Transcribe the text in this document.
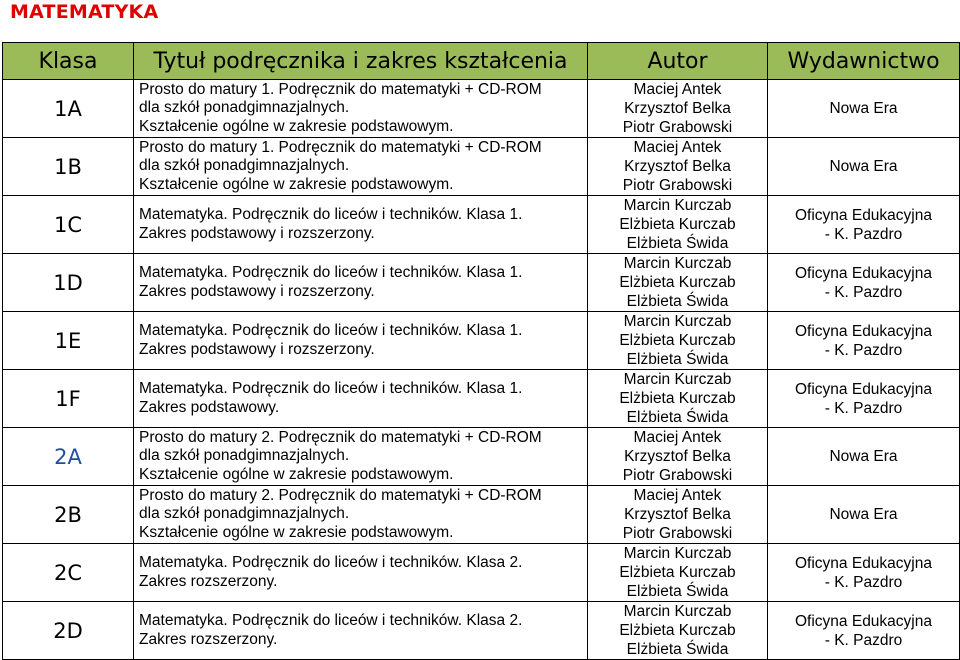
MATEMATYKA
Klasa	Tytuł podręcznika i zakres kształcenia	Autor	Wydawnictwo
1A	Prosto do matury 1. Podręcznik do matematyki + CD-ROM
dla szkół ponadgimnazjalnych.
Kształcenie ogólne w zakresie podstawowym.	Maciej Antek
Krzysztof Belka
Piotr Grabowski	Nowa Era

1B	Prosto do matury 1. Podręcznik do matematyki + CD-ROM
dla szkół ponadgimnazjalnych.
Kształcenie ogólne w zakresie podstawowym.	Maciej Antek
Krzysztof Belka
Piotr Grabowski	Nowa Era

1C	Matematyka. Podręcznik do liceów i techników. Klasa 1.
Zakres podstawowy i rozszerzony.	Marcin Kurczab
Elżbieta Kurczab
Elżbieta Świda	Oficyna Edukacyjna
- K. Pazdro

1D	Matematyka. Podręcznik do liceów i techników. Klasa 1.
Zakres podstawowy i rozszerzony.	Marcin Kurczab
Elżbieta Kurczab
Elżbieta Świda	Oficyna Edukacyjna
- K. Pazdro

1E	Matematyka. Podręcznik do liceów i techników. Klasa 1.
Zakres podstawowy i rozszerzony.	Marcin Kurczab
Elżbieta Kurczab
Elżbieta Świda	Oficyna Edukacyjna
- K. Pazdro

1F	Matematyka. Podręcznik do liceów i techników. Klasa 1.
Zakres podstawowy.	Marcin Kurczab
Elżbieta Kurczab
Elżbieta Świda	Oficyna Edukacyjna
- K. Pazdro

2A	Prosto do matury 2. Podręcznik do matematyki + CD-ROM
dla szkół ponadgimnazjalnych.
Kształcenie ogólne w zakresie podstawowym.	Maciej Antek
Krzysztof Belka
Piotr Grabowski	Nowa Era

2B	Prosto do matury 2. Podręcznik do matematyki + CD-ROM
dla szkół ponadgimnazjalnych.
Kształcenie ogólne w zakresie podstawowym.	Maciej Antek
Krzysztof Belka
Piotr Grabowski	Nowa Era

2C	Matematyka. Podręcznik do liceów i techników. Klasa 2.
Zakres rozszerzony.	Marcin Kurczab
Elżbieta Kurczab
Elżbieta Świda	Oficyna Edukacyjna
- K. Pazdro

2D	Matematyka. Podręcznik do liceów i techników. Klasa 2.
Zakres rozszerzony.	Marcin Kurczab
Elżbieta Kurczab
Elżbieta Świda	Oficyna Edukacyjna
- K. Pazdro
